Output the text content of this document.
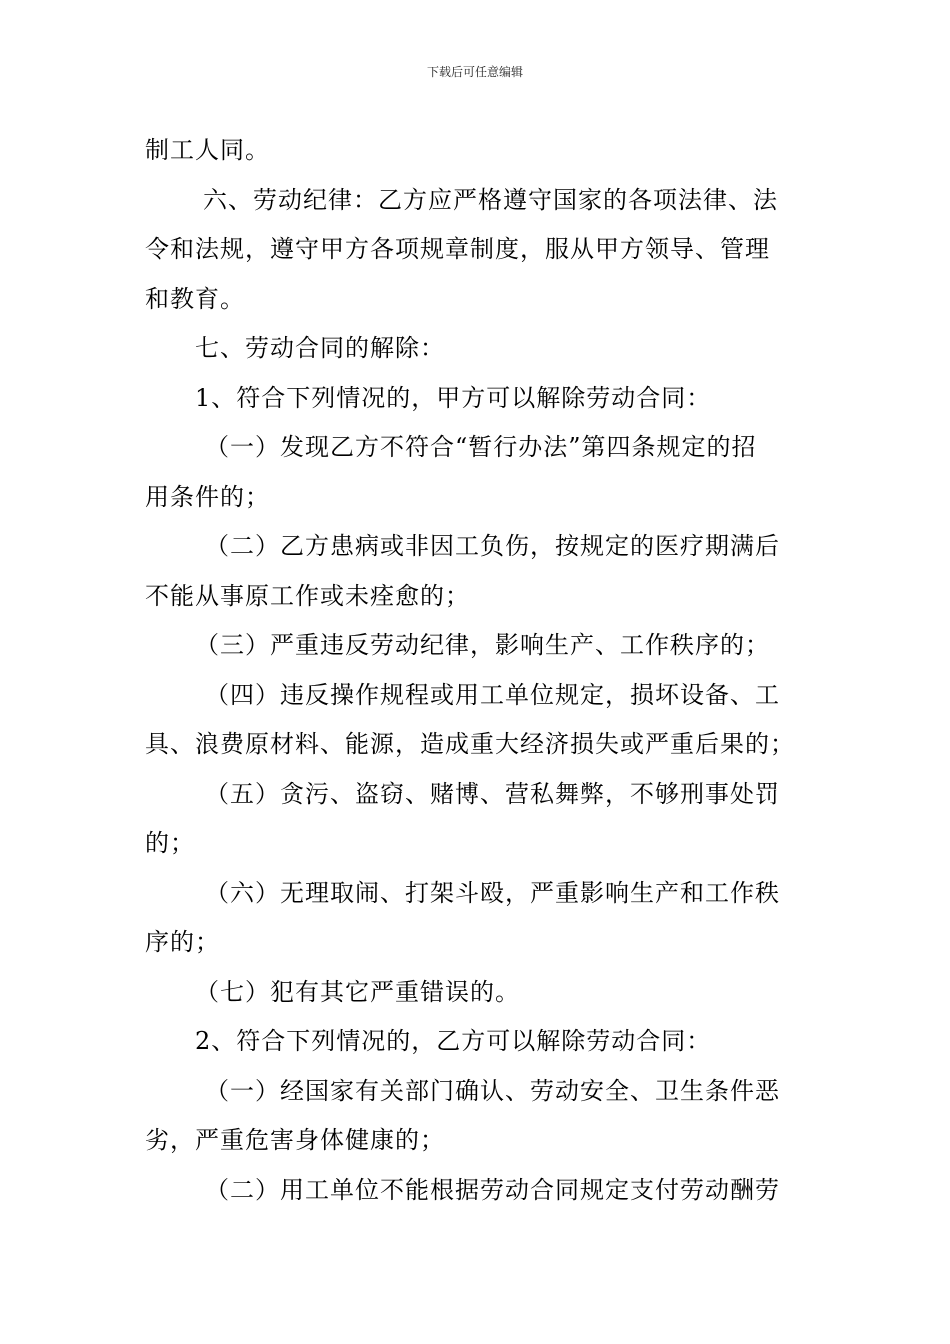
下载后可任意编辑
制工人同。
六、劳动纪律：乙方应严格遵守国家的各项法律、法
令和法规，遵守甲方各项规章制度，服从甲方领导、管理
和教育。
七、劳动合同的解除：
1、符合下列情况的，甲方可以解除劳动合同：
（一）发现乙方不符合“暂行办法”第四条规定的招
用条件的；
（二）乙方患病或非因工负伤，按规定的医疗期满后
不能从事原工作或未痊愈的；
（三）严重违反劳动纪律，影响生产、工作秩序的；
（四）违反操作规程或用工单位规定，损坏设备、工
具、浪费原材料、能源，造成重大经济损失或严重后果的；
（五）贪污、盗窃、赌博、营私舞弊，不够刑事处罚
的；
（六）无理取闹、打架斗殴，严重影响生产和工作秩
序的；
（七）犯有其它严重错误的。
2、符合下列情况的，乙方可以解除劳动合同：
（一）经国家有关部门确认、劳动安全、卫生条件恶
劣，严重危害身体健康的；
（二）用工单位不能根据劳动合同规定支付劳动酬劳
